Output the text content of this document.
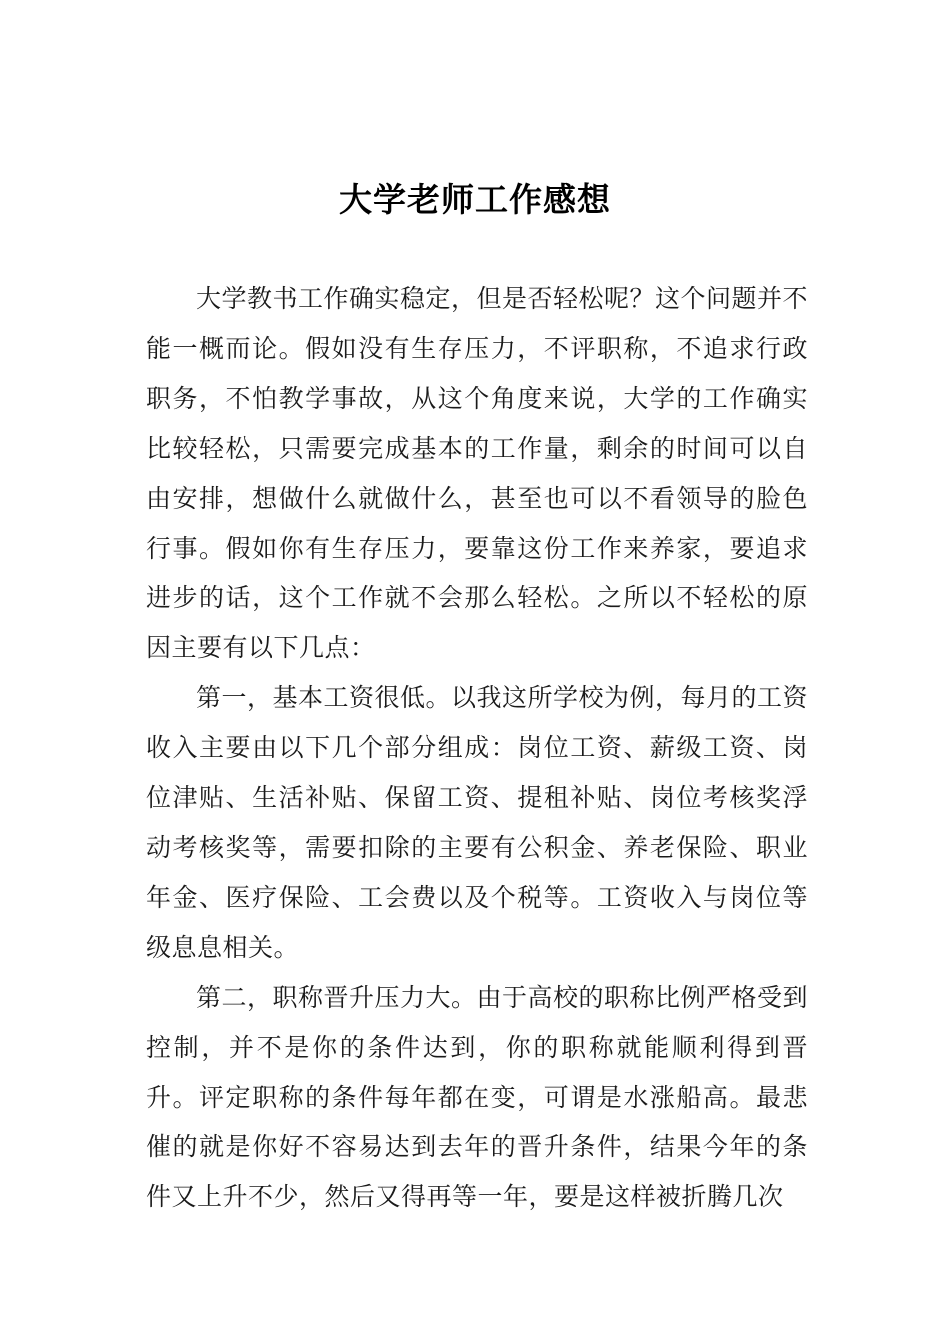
大学老师工作感想

大学教书工作确实稳定，但是否轻松呢？这个问题并不能一概而论。假如没有生存压力，不评职称，不追求行政职务，不怕教学事故，从这个角度来说，大学的工作确实比较轻松，只需要完成基本的工作量，剩余的时间可以自由安排，想做什么就做什么，甚至也可以不看领导的脸色行事。假如你有生存压力，要靠这份工作来养家，要追求进步的话，这个工作就不会那么轻松。之所以不轻松的原因主要有以下几点：

第一，基本工资很低。以我这所学校为例，每月的工资收入主要由以下几个部分组成：岗位工资、薪级工资、岗位津贴、生活补贴、保留工资、提租补贴、岗位考核奖浮动考核奖等，需要扣除的主要有公积金、养老保险、职业年金、医疗保险、工会费以及个税等。工资收入与岗位等级息息相关。

第二，职称晋升压力大。由于高校的职称比例严格受到控制，并不是你的条件达到，你的职称就能顺利得到晋升。评定职称的条件每年都在变，可谓是水涨船高。最悲催的就是你好不容易达到去年的晋升条件，结果今年的条件又上升不少，然后又得再等一年，要是这样被折腾几次
